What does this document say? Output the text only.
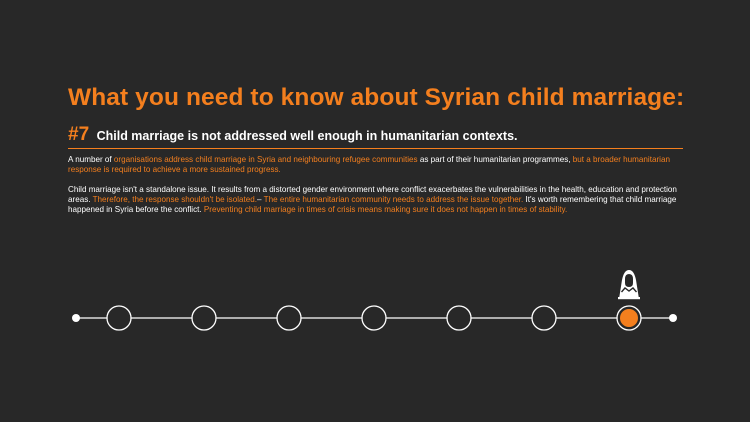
What you need to know about Syrian child marriage:
#7 Child marriage is not addressed well enough in humanitarian contexts.

A number of organisations address child marriage in Syria and neighbouring refugee communities as part of their humanitarian programmes, but a broader humanitarian response is required to achieve a more sustained progress.

Child marriage isn't a standalone issue. It results from a distorted gender environment where conflict exacerbates the vulnerabilities in the health, education and protection areas. Therefore, the response shouldn't be isolated.– The entire humanitarian community needs to address the issue together. It's worth remembering that child marriage happened in Syria before the conflict. Preventing child marriage in times of crisis means making sure it does not happen in times of stability.
